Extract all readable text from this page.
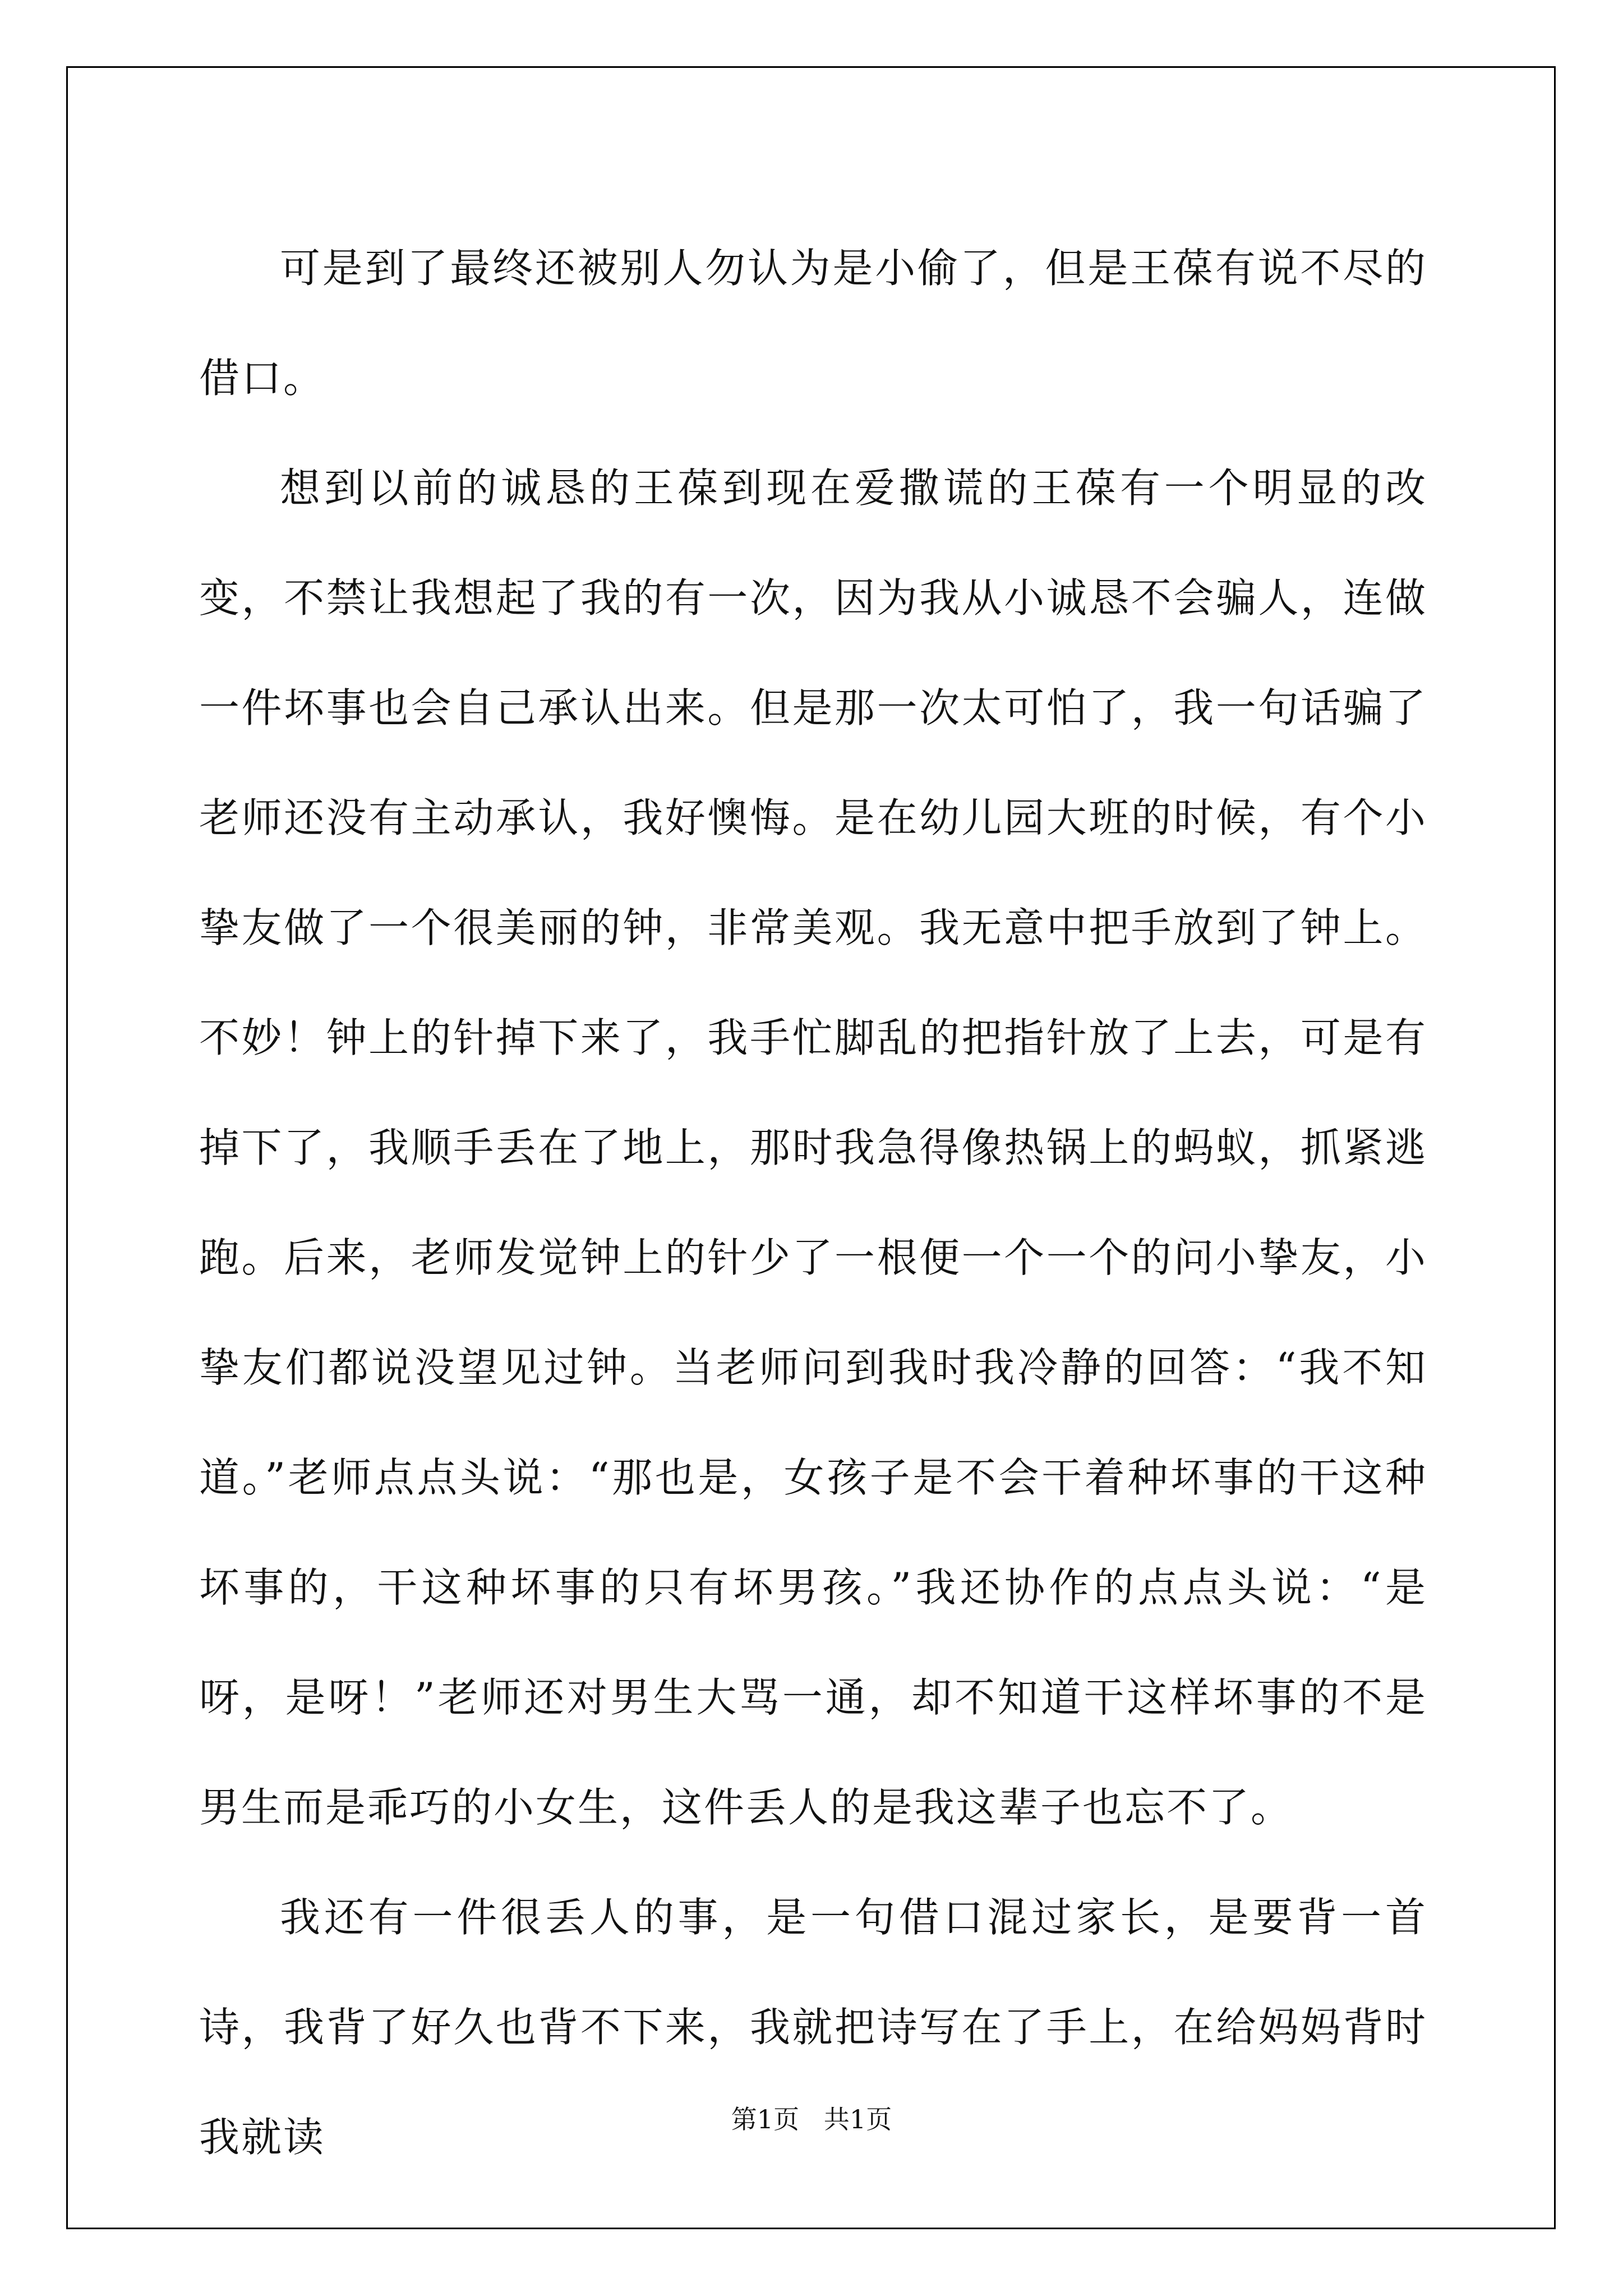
可是到了最终还被别人勿认为是小偷了，但是王葆有说不尽的借口。

想到以前的诚恳的王葆到现在爱撒谎的王葆有一个明显的改变，不禁让我想起了我的有一次，因为我从小诚恳不会骗人，连做一件坏事也会自己承认出来。但是那一次太可怕了，我一句话骗了老师还没有主动承认，我好懊悔。是在幼儿园大班的时候，有个小挚友做了一个很美丽的钟，非常美观。我无意中把手放到了钟上。不妙！钟上的针掉下来了，我手忙脚乱的把指针放了上去，可是有掉下了，我顺手丢在了地上，那时我急得像热锅上的蚂蚁，抓紧逃跑。后来，老师发觉钟上的针少了一根便一个一个的问小挚友，小挚友们都说没望见过钟。当老师问到我时我冷静的回答：“我不知道。”老师点点头说：“那也是，女孩子是不会干着种坏事的干这种坏事的，干这种坏事的只有坏男孩。”我还协作的点点头说：“是呀，是呀！”老师还对男生大骂一通，却不知道干这样坏事的不是男生而是乖巧的小女生，这件丢人的是我这辈子也忘不了。

我还有一件很丢人的事，是一句借口混过家长，是要背一首诗，我背了好久也背不下来，我就把诗写在了手上，在给妈妈背时我就读	第1页   共1页
